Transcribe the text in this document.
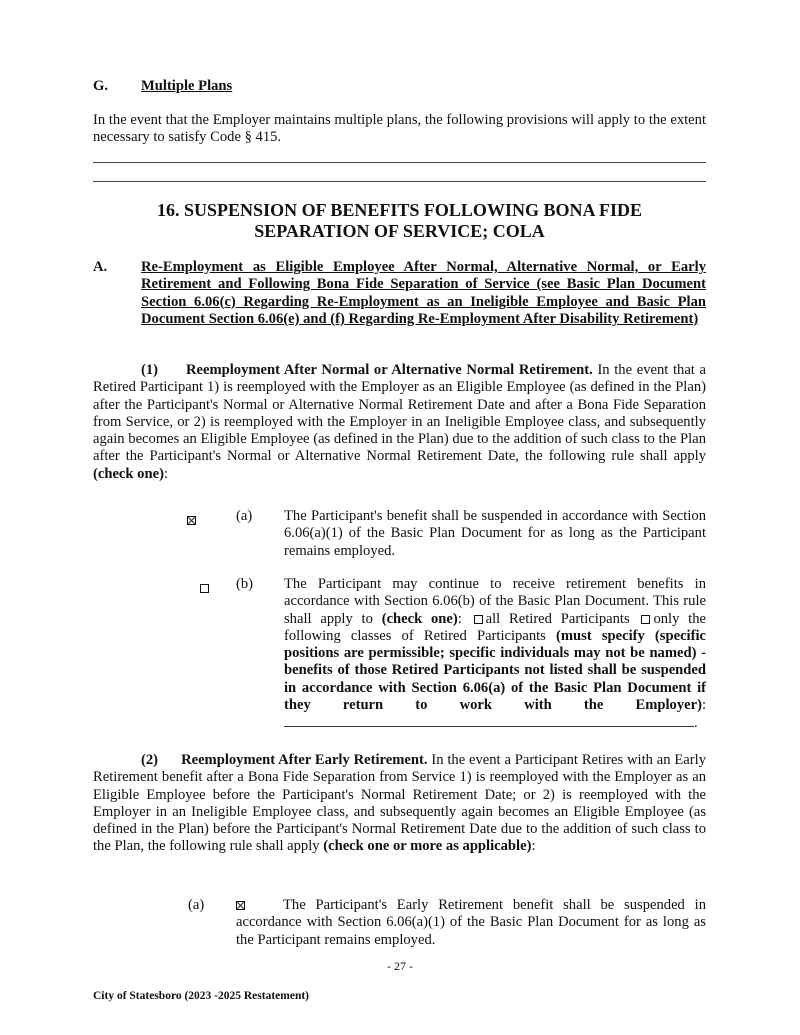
G. Multiple Plans
In the event that the Employer maintains multiple plans, the following provisions will apply to the extent necessary to satisfy Code § 415.
16. SUSPENSION OF BENEFITS FOLLOWING BONA FIDE
SEPARATION OF SERVICE; COLA
A. Re-Employment as Eligible Employee After Normal, Alternative Normal, or Early Retirement and Following Bona Fide Separation of Service (see Basic Plan Document Section 6.06(c) Regarding Re-Employment as an Ineligible Employee and Basic Plan Document Section 6.06(e) and (f) Regarding Re-Employment After Disability Retirement)
(1) Reemployment After Normal or Alternative Normal Retirement. In the event that a Retired Participant 1) is reemployed with the Employer as an Eligible Employee (as defined in the Plan) after the Participant's Normal or Alternative Normal Retirement Date and after a Bona Fide Separation from Service, or 2) is reemployed with the Employer in an Ineligible Employee class, and subsequently again becomes an Eligible Employee (as defined in the Plan) due to the addition of such class to the Plan after the Participant's Normal or Alternative Normal Retirement Date, the following rule shall apply (check one):

(a) The Participant's benefit shall be suspended in accordance with Section 6.06(a)(1) of the Basic Plan Document for as long as the Participant remains employed.
(b) The Participant may continue to receive retirement benefits in accordance with Section 6.06(b) of the Basic Plan Document. This rule shall apply to (check one): all Retired Participants only the following classes of Retired Participants (must specify (specific positions are permissible; specific individuals may not be named) - benefits of those Retired Participants not listed shall be suspended in accordance with Section 6.06(a) of the Basic Plan Document if they return to work with the Employer): .
(2) Reemployment After Early Retirement. In the event a Participant Retires with an Early Retirement benefit after a Bona Fide Separation from Service 1) is reemployed with the Employer as an Eligible Employee before the Participant's Normal Retirement Date; or 2) is reemployed with the Employer in an Ineligible Employee class, and subsequently again becomes an Eligible Employee (as defined in the Plan) before the Participant's Normal Retirement Date due to the addition of such class to the Plan, the following rule shall apply (check one or more as applicable):
(a)	The Participant's Early Retirement benefit shall be suspended in accordance with Section 6.06(a)(1) of the Basic Plan Document for as long as the Participant remains employed.
- 27 -
City of Statesboro (2023 -2025 Restatement)
